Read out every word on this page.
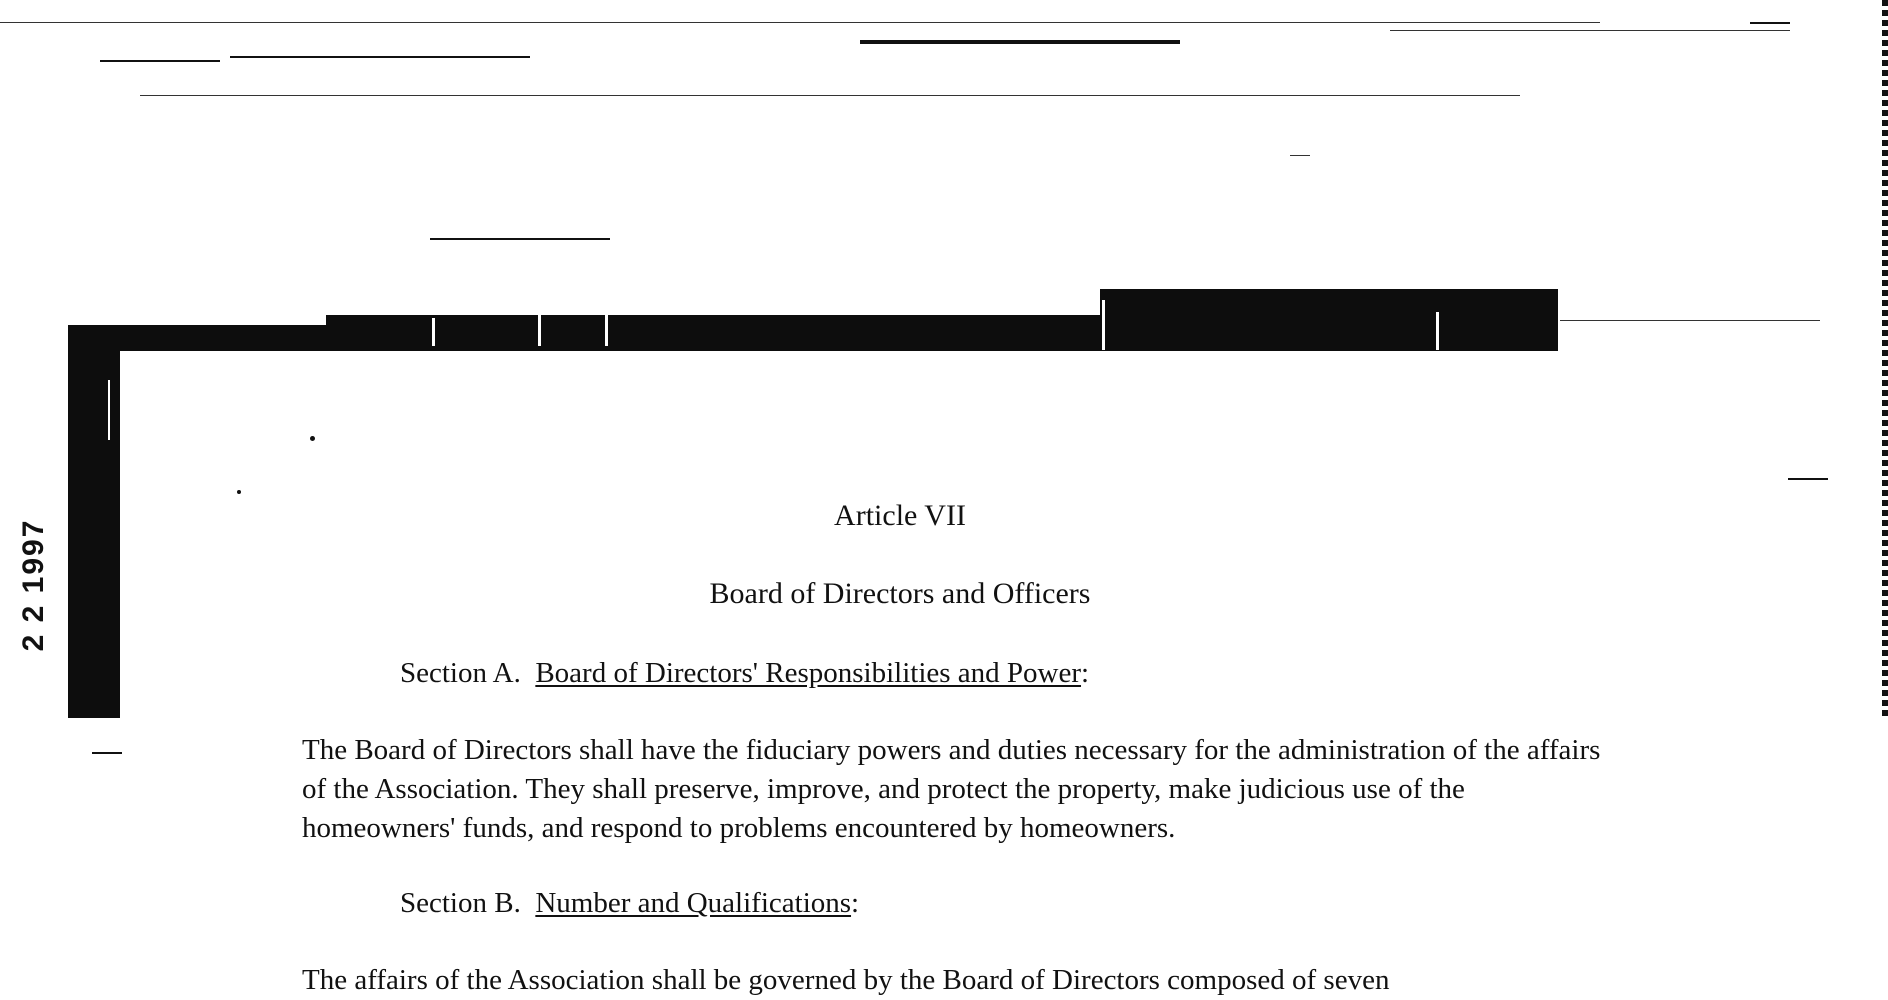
2 2 1997
Article VII
Board of Directors and Officers
Section A. Board of Directors' Responsibilities and Power:

The Board of Directors shall have the fiduciary powers and duties necessary for the administration of the affairs of the Association. They shall preserve, improve, and protect the property, make judicious use of the homeowners' funds, and respond to problems encountered by homeowners.

Section B. Number and Qualifications:

The affairs of the Association shall be governed by the Board of Directors composed of seven
